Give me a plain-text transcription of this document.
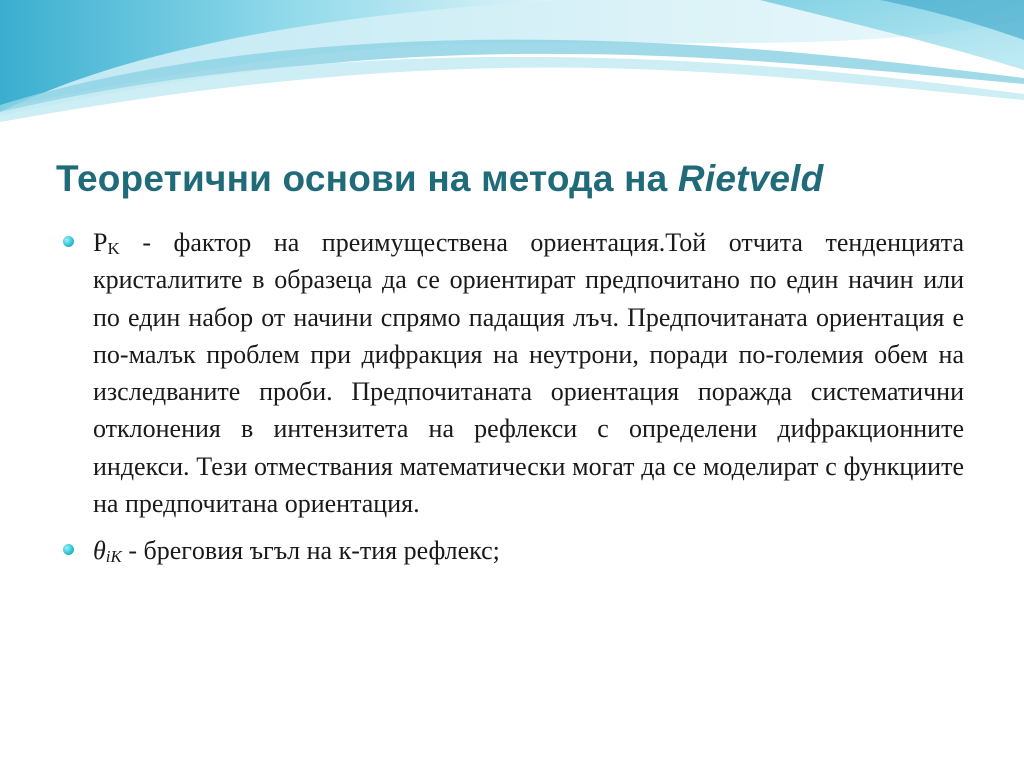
Теоретични основи на метода на Rietveld
PK - фактор на преимуществена ориентация.Той отчита тенденцията кристалитите в образеца да се ориентират предпочитано по един начин или по един набор от начини спрямо падащия лъч. Предпочитаната ориентация е по-малък проблем при дифракция на неутрони, поради по-големия обем на изследваните проби. Предпочитаната ориентация поражда систематични отклонения в интензитета на рефлекси с определени дифракционните индекси. Тези отмествания математически могат да се моделират с функциите на предпочитана ориентация.
θiK - брегoвия ъгъл на к-тия рефлекс;
